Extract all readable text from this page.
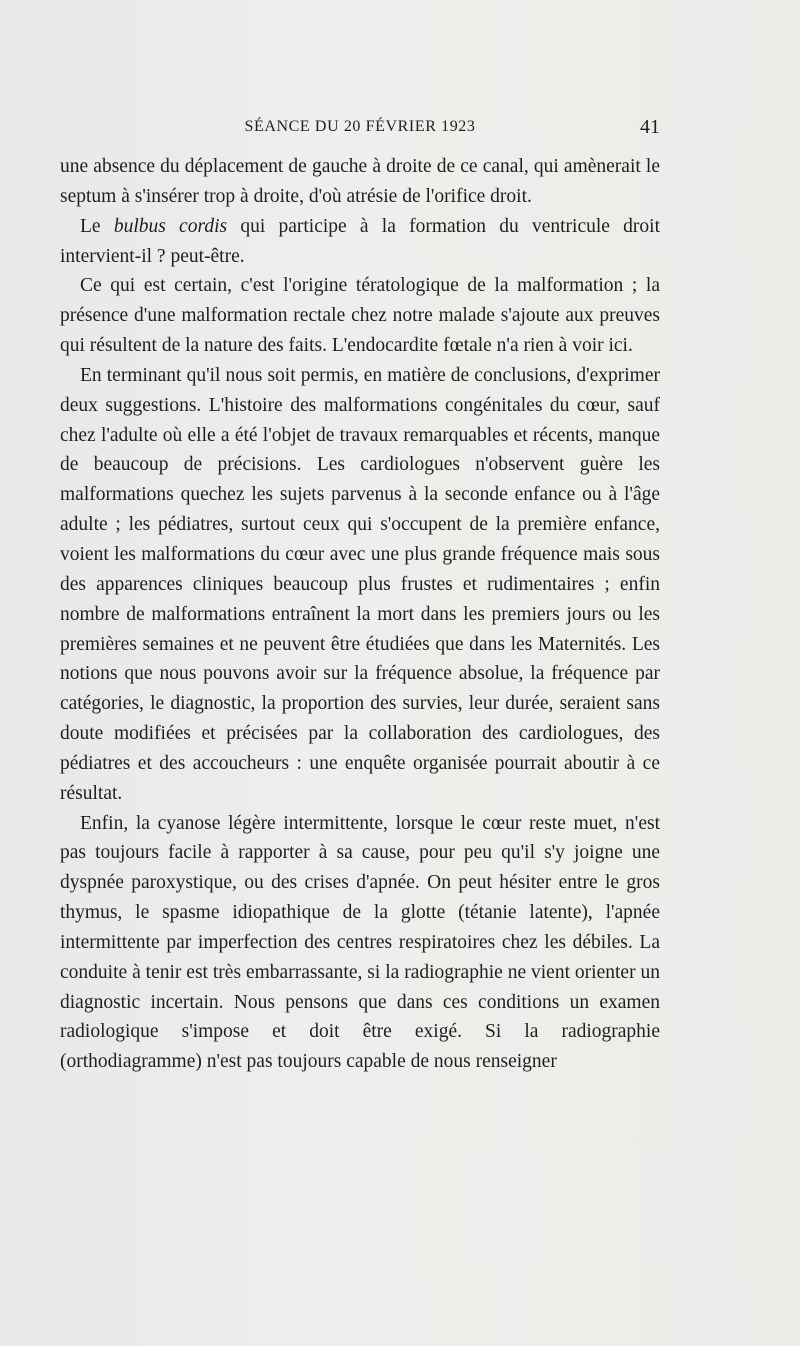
SÉANCE DU 20 FÉVRIER 1923	41

une absence du déplacement de gauche à droite de ce canal, qui amènerait le septum à s'insérer trop à droite, d'où atrésie de l'orifice droit.

Le bulbus cordis qui participe à la formation du ventricule droit intervient-il ? peut-être.

Ce qui est certain, c'est l'origine tératologique de la malformation ; la présence d'une malformation rectale chez notre malade s'ajoute aux preuves qui résultent de la nature des faits. L'endocardite fœtale n'a rien à voir ici.

En terminant qu'il nous soit permis, en matière de conclusions, d'exprimer deux suggestions. L'histoire des malformations congénitales du cœur, sauf chez l'adulte où elle a été l'objet de travaux remarquables et récents, manque de beaucoup de précisions. Les cardiologues n'observent guère les malformations quechez les sujets parvenus à la seconde enfance ou à l'âge adulte ; les pédiatres, surtout ceux qui s'occupent de la première enfance, voient les malformations du cœur avec une plus grande fréquence mais sous des apparences cliniques beaucoup plus frustes et rudimentaires ; enfin nombre de malformations entraînent la mort dans les premiers jours ou les premières semaines et ne peuvent être étudiées que dans les Maternités. Les notions que nous pouvons avoir sur la fréquence absolue, la fréquence par catégories, le diagnostic, la proportion des survies, leur durée, seraient sans doute modifiées et précisées par la collaboration des cardiologues, des pédiatres et des accoucheurs : une enquête organisée pourrait aboutir à ce résultat.

Enfin, la cyanose légère intermittente, lorsque le cœur reste muet, n'est pas toujours facile à rapporter à sa cause, pour peu qu'il s'y joigne une dyspnée paroxystique, ou des crises d'apnée. On peut hésiter entre le gros thymus, le spasme idiopathique de la glotte (tétanie latente), l'apnée intermittente par imperfection des centres respiratoires chez les débiles. La conduite à tenir est très embarrassante, si la radiographie ne vient orienter un diagnostic incertain. Nous pensons que dans ces conditions un examen radiologique s'impose et doit être exigé. Si la radiographie (orthodiagramme) n'est pas toujours capable de nous renseigner
